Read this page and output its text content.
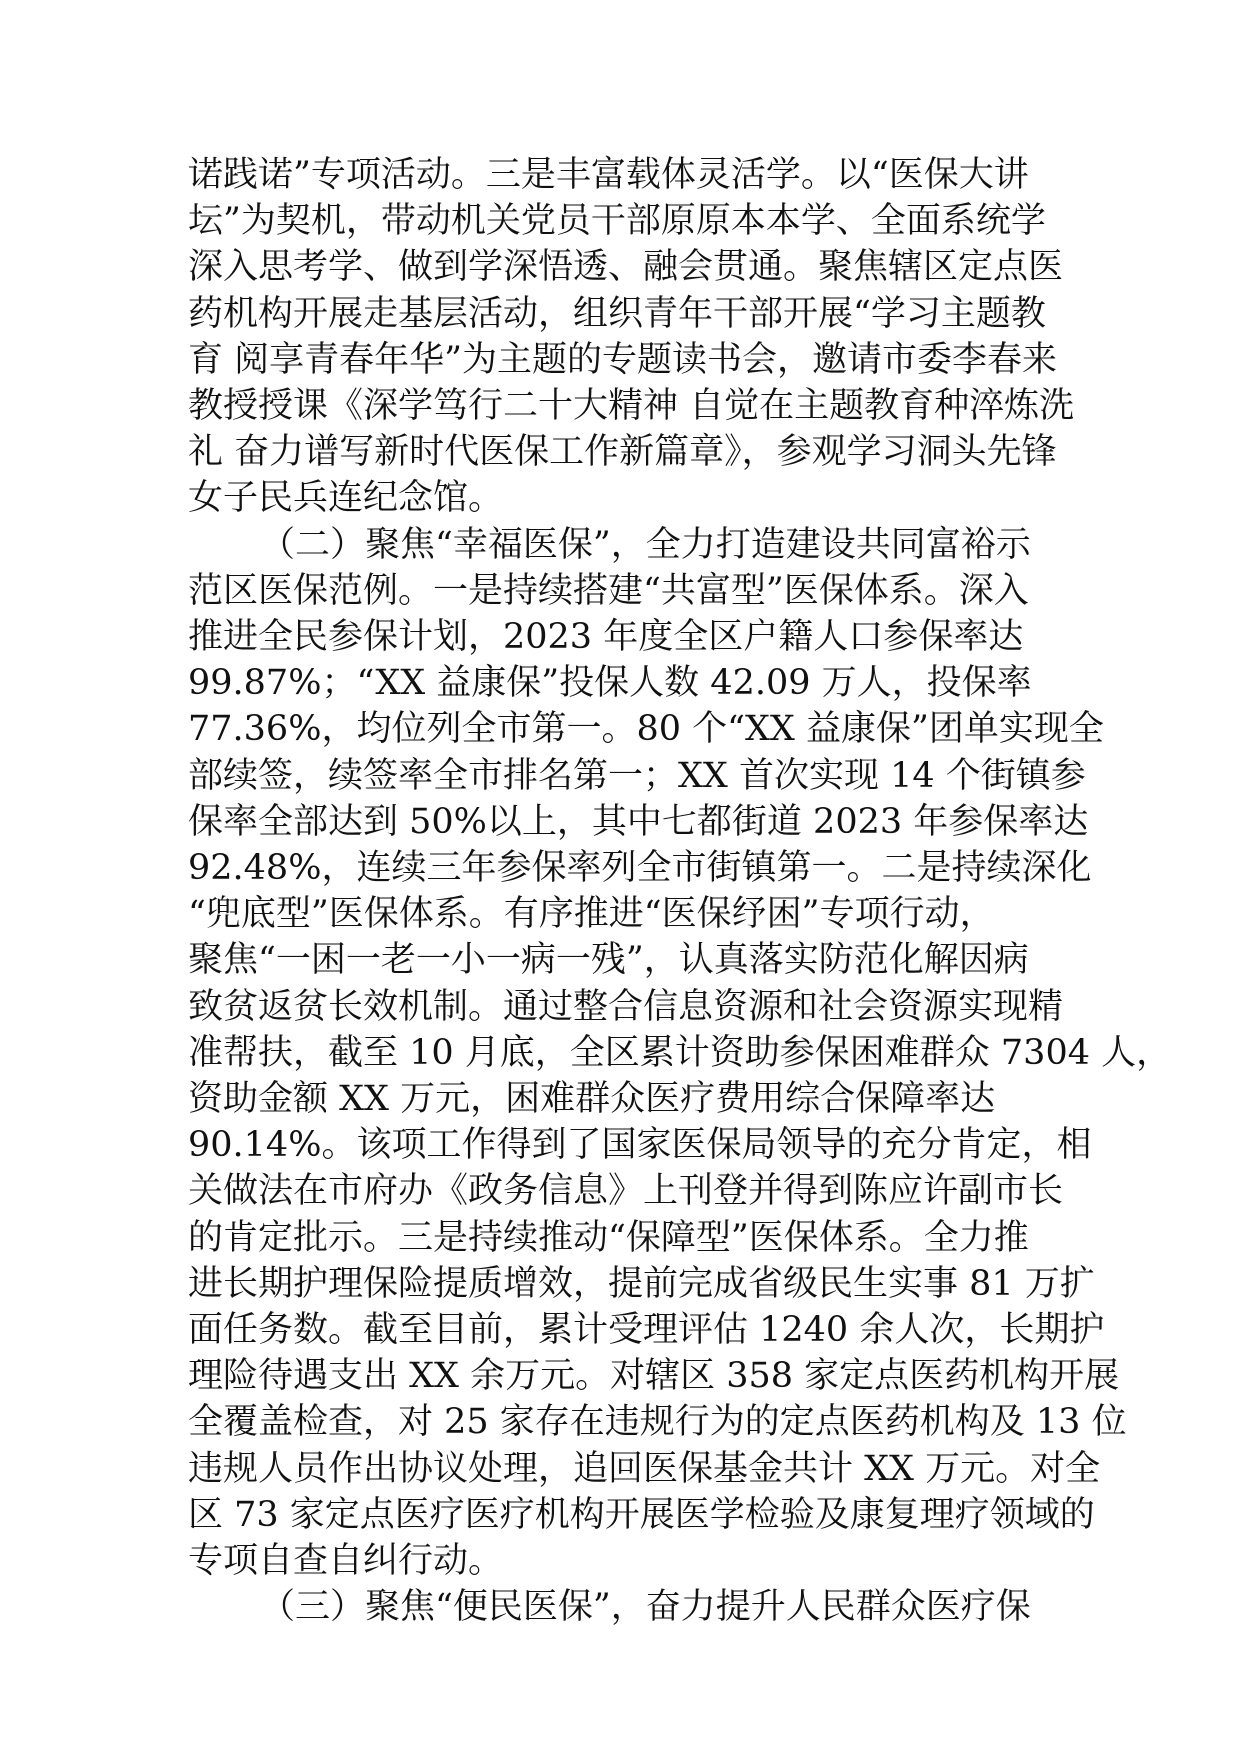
诺践诺”专项活动。三是丰富载体灵活学。以“医保大讲
坛”为契机，带动机关党员干部原原本本学、全面系统学
深入思考学、做到学深悟透、融会贯通。聚焦辖区定点医
药机构开展走基层活动，组织青年干部开展“学习主题教
育 阅享青春年华”为主题的专题读书会，邀请市委李春来
教授授课《深学笃行二十大精神 自觉在主题教育种淬炼洗
礼 奋力谱写新时代医保工作新篇章》，参观学习洞头先锋
女子民兵连纪念馆。
（二）聚焦“幸福医保”，全力打造建设共同富裕示
范区医保范例。一是持续搭建“共富型”医保体系。深入
推进全民参保计划，2023 年度全区户籍人口参保率达
99.87%；“XX 益康保”投保人数 42.09 万人，投保率
77.36%，均位列全市第一。80 个“XX 益康保”团单实现全
部续签，续签率全市排名第一；XX 首次实现 14 个街镇参
保率全部达到 50%以上，其中七都街道 2023 年参保率达
92.48%，连续三年参保率列全市街镇第一。二是持续深化
“兜底型”医保体系。有序推进“医保纾困”专项行动，
聚焦“一困一老一小一病一残”，认真落实防范化解因病
致贫返贫长效机制。通过整合信息资源和社会资源实现精
准帮扶，截至 10 月底，全区累计资助参保困难群众 7304 人，
资助金额 XX 万元，困难群众医疗费用综合保障率达
90.14%。该项工作得到了国家医保局领导的充分肯定，相
关做法在市府办《政务信息》上刊登并得到陈应许副市长
的肯定批示。三是持续推动“保障型”医保体系。全力推
进长期护理保险提质增效，提前完成省级民生实事 81 万扩
面任务数。截至目前，累计受理评估 1240 余人次，长期护
理险待遇支出 XX 余万元。对辖区 358 家定点医药机构开展
全覆盖检查，对 25 家存在违规行为的定点医药机构及 13 位
违规人员作出协议处理，追回医保基金共计 XX 万元。对全
区 73 家定点医疗医疗机构开展医学检验及康复理疗领域的
专项自查自纠行动。
（三）聚焦“便民医保”，奋力提升人民群众医疗保
